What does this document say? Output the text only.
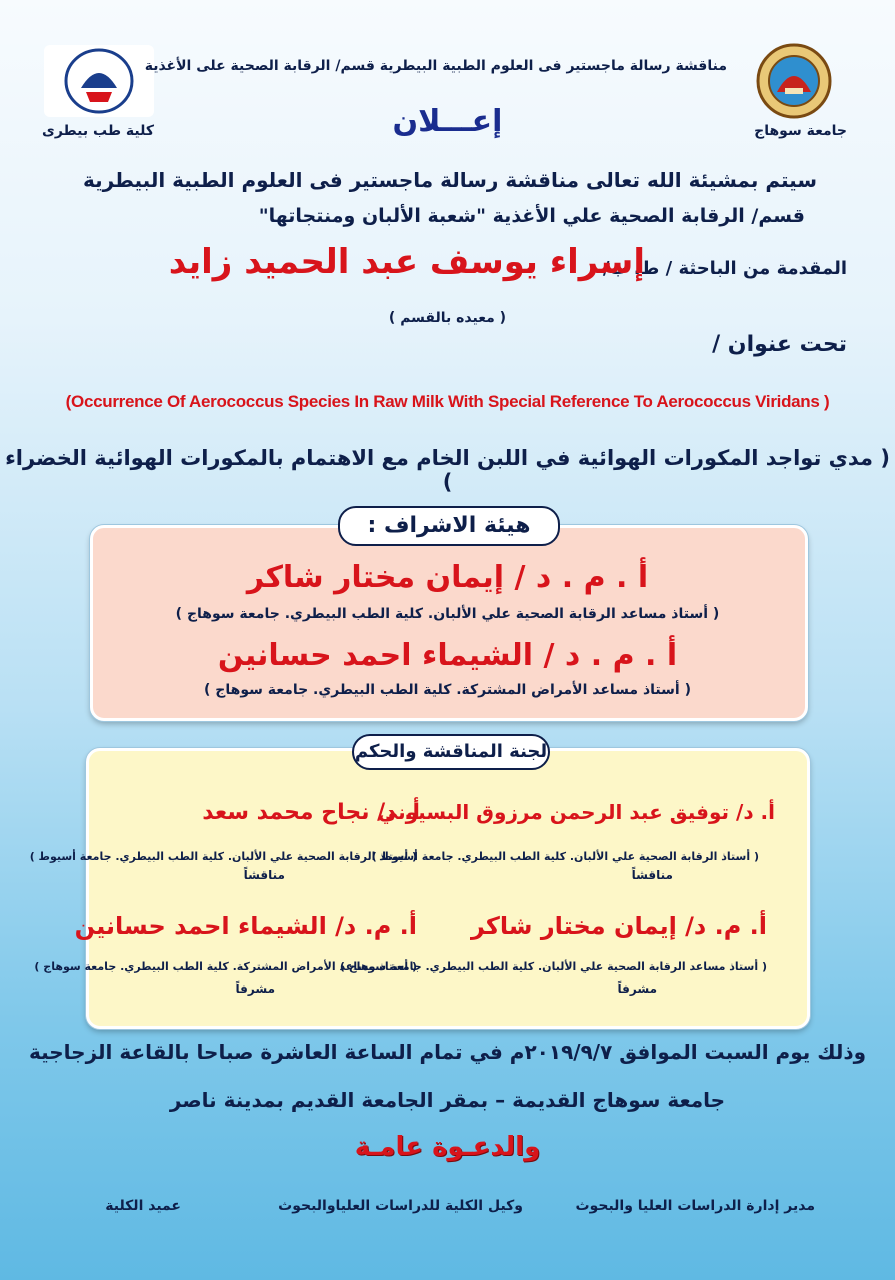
جامعة سوهاج
كلية طب بيطرى
مناقشة رسالة ماجستير فى العلوم الطبية البيطرية قسم/ الرقابة الصحية على الأغذية
إعـــلان
سيتم بمشيئة الله تعالى مناقشة رسالة ماجستير فى العلوم الطبية البيطرية
قسم/ الرقابة الصحية علي الأغذية "شعبة الألبان ومنتجاتها"
المقدمة من الباحثة / ط. ب/
إسراء يوسف عبد الحميد زايد
( معيده بالقسم )
تحت عنوان /
(Occurrence Of Aerococcus Species In Raw Milk With Special Reference To Aerococcus Viridans )
( مدي تواجد المكورات الهوائية في اللبن الخام مع الاهتمام بالمكورات الهوائية الخضراء )
هيئة الاشراف :
أ . م . د / إيمان مختار شاكر
( أستاذ مساعد الرقابة الصحية علي الألبان. كلية الطب البيطري. جامعة سوهاج )
أ . م . د / الشيماء احمد حسانين
( أستاذ مساعد الأمراض المشتركة. كلية الطب البيطري. جامعة سوهاج )
لجنة المناقشة والحكم
أ. د/ توفيق عبد الرحمن مرزوق البسيوني
( أستاذ الرقابة الصحية علي الألبان. كلية الطب البيطري. جامعة أسيوط )
مناقشاً
أ. م. د/ إيمان مختار شاكر
( أستاذ مساعد الرقابة الصحية علي الألبان. كلية الطب البيطري. جامعة سوهاج )
مشرفاً
أ. د/ نجاح محمد سعد
( أستاذ الرقابة الصحية علي الألبان. كلية الطب البيطري. جامعة أسيوط )
مناقشاً
أ. م. د/ الشيماء احمد حسانين
( أستاذ مساعد الأمراض المشتركة. كلية الطب البيطري. جامعة سوهاج )
مشرفاً
وذلك يوم السبت الموافق ٢٠١٩/٩/٧م في تمام الساعة العاشرة صباحا بالقاعة الزجاجية
جامعة سوهاج القديمة – بمقر الجامعة القديم بمدينة ناصر
والدعـوة عامـة
مدير إدارة الدراسات العليا والبحوث
وكيل الكلية للدراسات العلياوالبحوث
عميد الكلية
